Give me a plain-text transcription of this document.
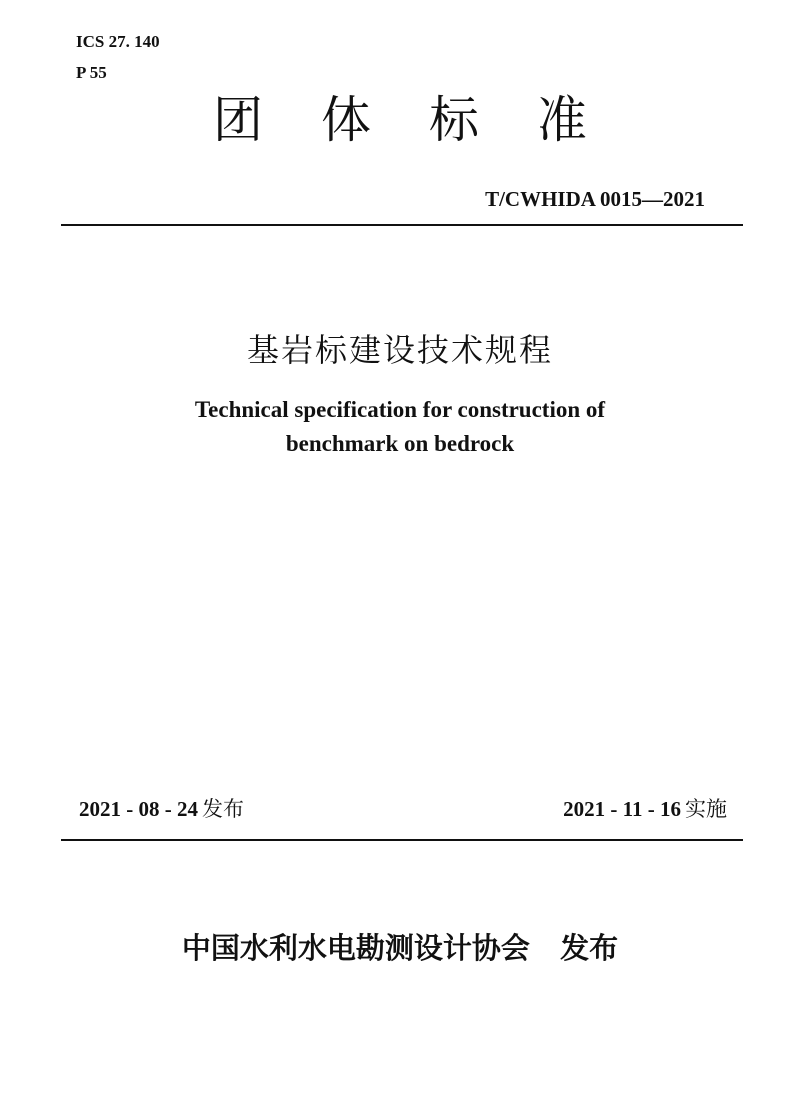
ICS 27. 140
P 55
团体标准
T/CWHIDA 0015—2021
基岩标建设技术规程
Technical specification for construction of
benchmark on bedrock
2021 - 08 - 24 发布	2021 - 11 - 16 实施
中国水利水电勘测设计协会 发布
